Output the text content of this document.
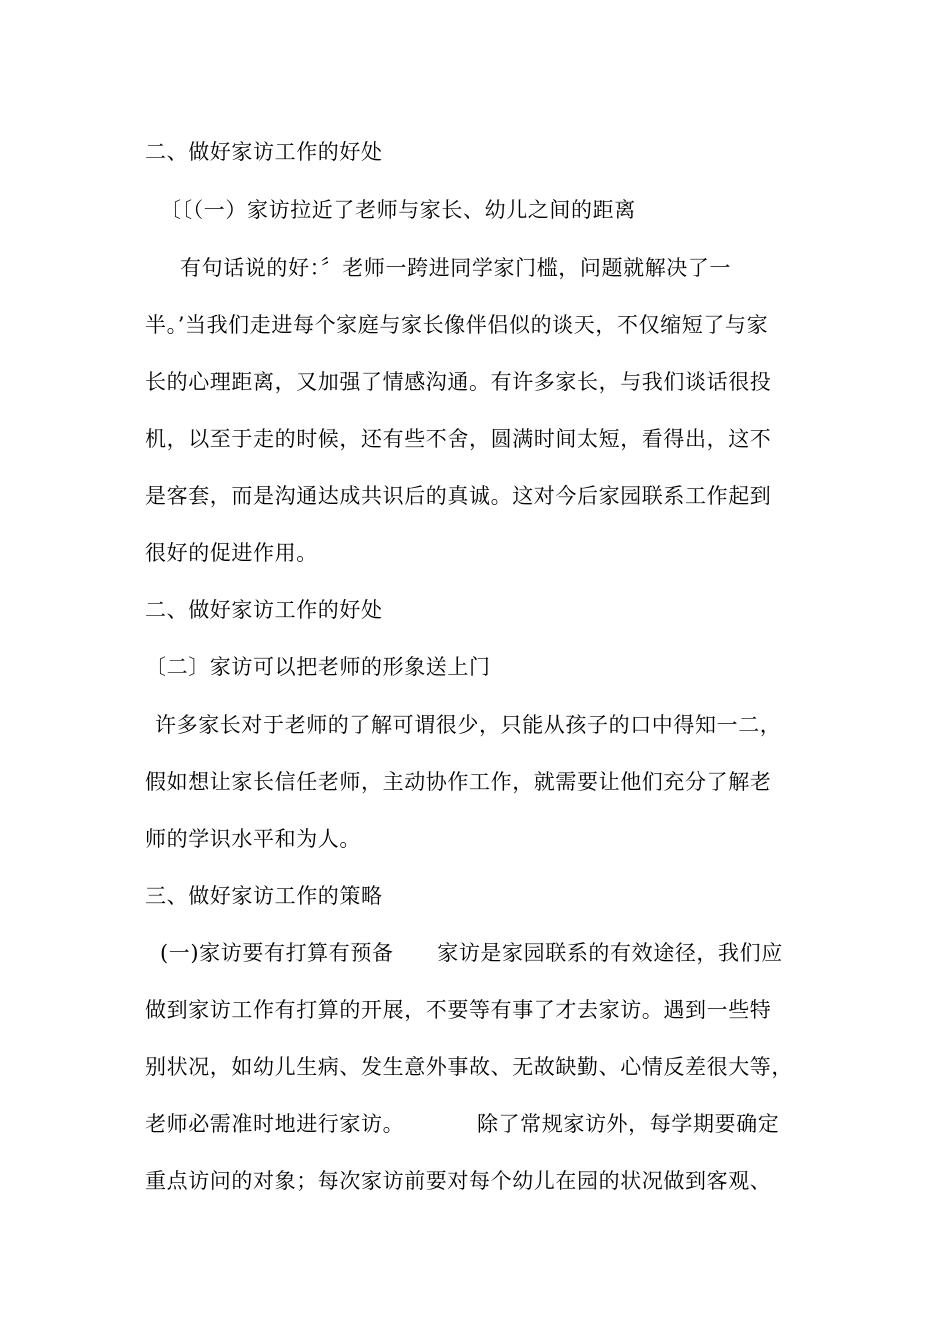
二、做好家访工作的好处
〔〔（一）家访拉近了老师与家长、幼儿之间的距离
有句话说的好：〞老师一跨进同学家门槛，问题就解决了一
半。’当我们走进每个家庭与家长像伴侣似的谈天，不仅缩短了与家
长的心理距离，又加强了情感沟通。有许多家长，与我们谈话很投
机，以至于走的时候，还有些不舍，圆满时间太短，看得出，这不
是客套，而是沟通达成共识后的真诚。这对今后家园联系工作起到
很好的促进作用。
二、做好家访工作的好处
〔二〕家访可以把老师的形象送上门
许多家长对于老师的了解可谓很少，只能从孩子的口中得知一二，
假如想让家长信任老师，主动协作工作，就需要让他们充分了解老
师的学识水平和为人。
三、做好家访工作的策略
(一)家访要有打算有预备      家访是家园联系的有效途径，我们应
做到家访工作有打算的开展，不要等有事了才去家访。遇到一些特
别状况，如幼儿生病、发生意外事故、无故缺勤、心情反差很大等，
老师必需准时地进行家访。          除了常规家访外，每学期要确定
重点访问的对象；每次家访前要对每个幼儿在园的状况做到客观、
